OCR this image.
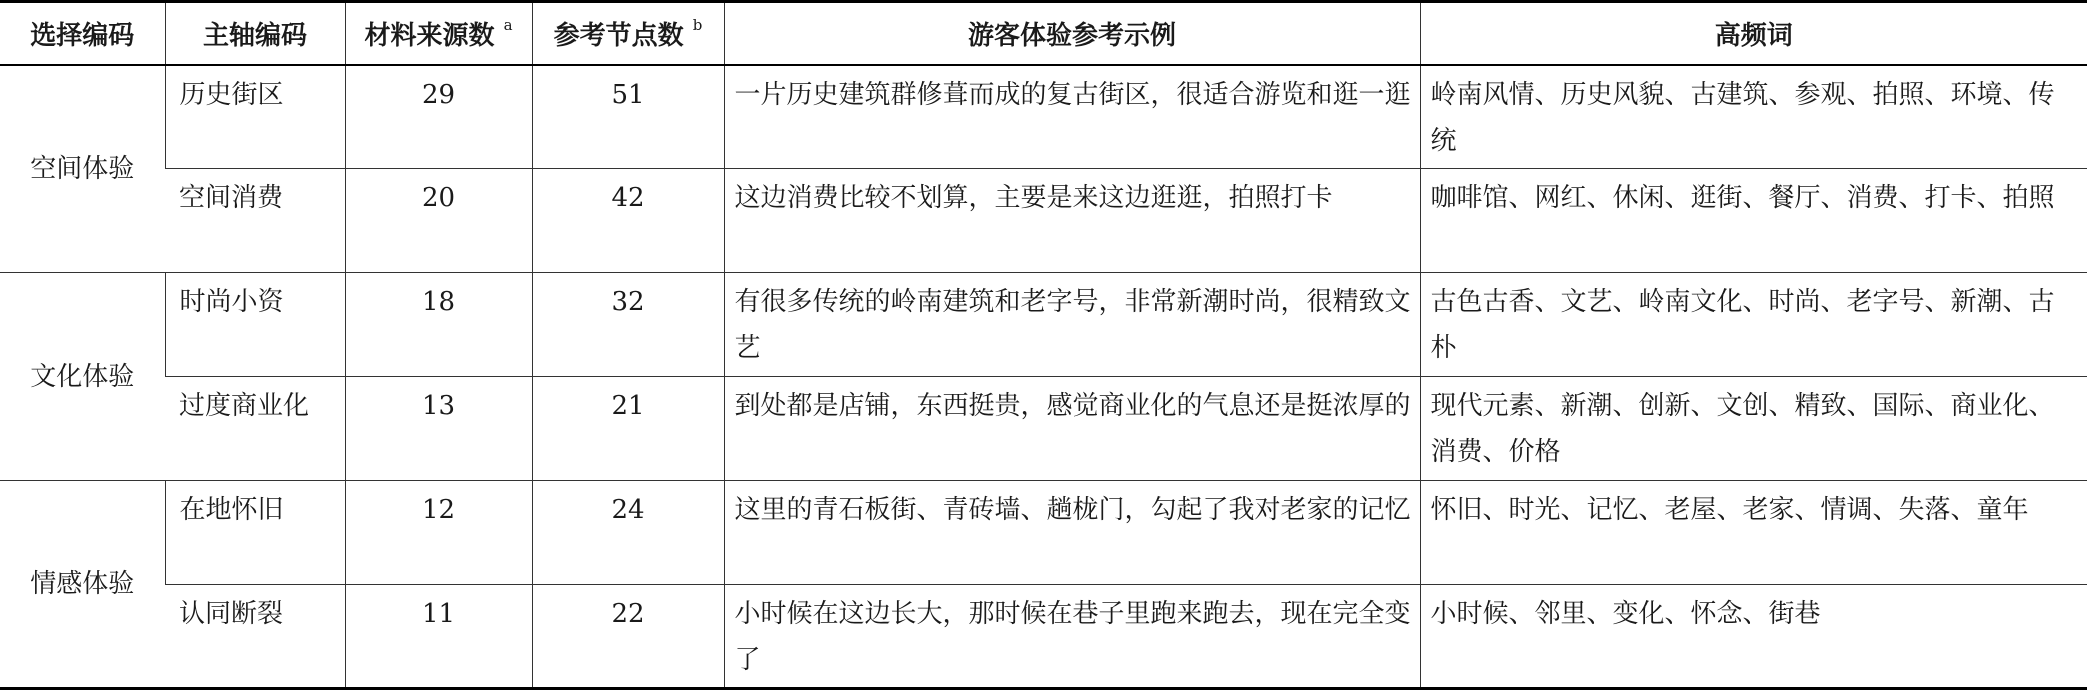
选择编码	主轴编码	材料来源数 $^a$	参考节点数 $^b$	游客体验参考示例	高频词
空间体验	历史街区	29	51	一片历史建筑群修葺而成的复古街区，很适合游览和逛一逛	岭南风情、历史风貌、古建筑、参观、拍照、环境、传统
	空间消费	20	42	这边消费比较不划算，主要是来这边逛逛，拍照打卡	咖啡馆、网红、休闲、逛街、餐厅、消费、打卡、拍照
文化体验	时尚小资	18	32	有很多传统的岭南建筑和老字号，非常新潮时尚，很精致文艺	古色古香、文艺、岭南文化、时尚、老字号、新潮、古朴
	过度商业化	13	21	到处都是店铺，东西挺贵，感觉商业化的气息还是挺浓厚的	现代元素、新潮、创新、文创、精致、国际、商业化、消费、价格
情感体验	在地怀旧	12	24	这里的青石板街、青砖墙、趟栊门，勾起了我对老家的记忆	怀旧、时光、记忆、老屋、老家、情调、失落、童年
	认同断裂	11	22	小时候在这边长大，那时候在巷子里跑来跑去，现在完全变了	小时候、邻里、变化、怀念、街巷
